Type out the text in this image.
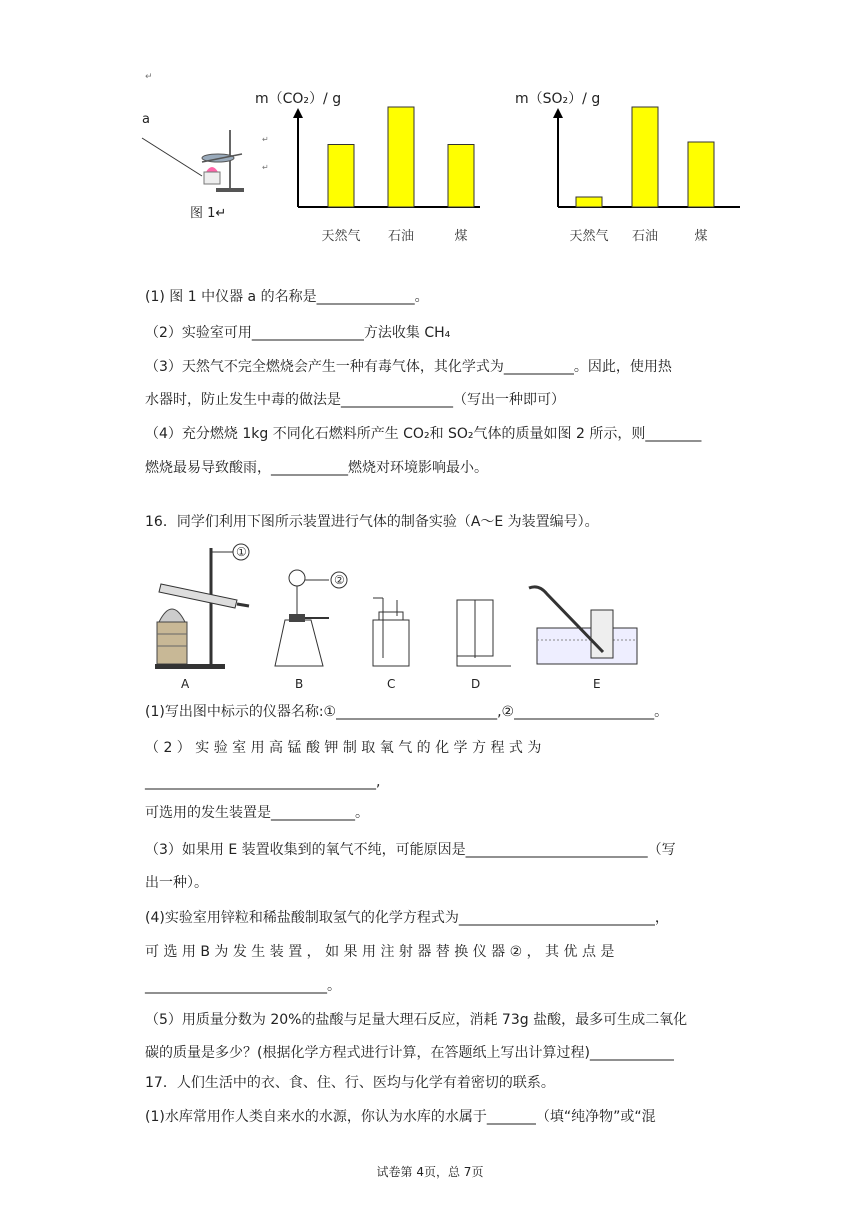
↵
a
↵
↵
图 1↵
m（CO₂）/ g
天然气 石油	煤
m（SO₂）/ g
天然气 石油	煤
(1) 图 1 中仪器 a 的名称是______________。
（2）实验室可用________________方法收集 CH₄
（3）天然气不完全燃烧会产生一种有毒气体，其化学式为__________。因此，使用热
水器时，防止发生中毒的做法是________________（写出一种即可）
（4）充分燃烧 1kg 不同化石燃料所产生 CO₂和 SO₂气体的质量如图 2 所示，则________
燃烧最易导致酸雨，___________燃烧对环境影响最小。
16．同学们利用下图所示装置进行气体的制备实验（A～E 为装置编号）。
①
②
A	B	C	D	E
(1)写出图中标示的仪器名称:①_______________________,②____________________。
（ 2 ） 实 验 室 用 高 锰 酸 钾 制 取 氧 气 的 化 学 方 程 式 为
_________________________________,
可选用的发生装置是____________。
（3）如果用 E 装置收集到的氧气不纯，可能原因是__________________________（写
出一种）。
(4)实验室用锌粒和稀盐酸制取氢气的化学方程式为____________________________，
可 选 用 B 为 发 生 装 置 ， 如 果 用 注 射 器 替 换 仪 器 ② ， 其 优 点 是
__________________________。
（5）用质量分数为 20%的盐酸与足量大理石反应，消耗 73g 盐酸，最多可生成二氧化
碳的质量是多少？(根据化学方程式进行计算，在答题纸上写出计算过程)____________
17．人们生活中的衣、食、住、行、医均与化学有着密切的联系。
(1)水库常用作人类自来水的水源，你认为水库的水属于_______（填“纯净物”或“混
试卷第 4页，总 7页
